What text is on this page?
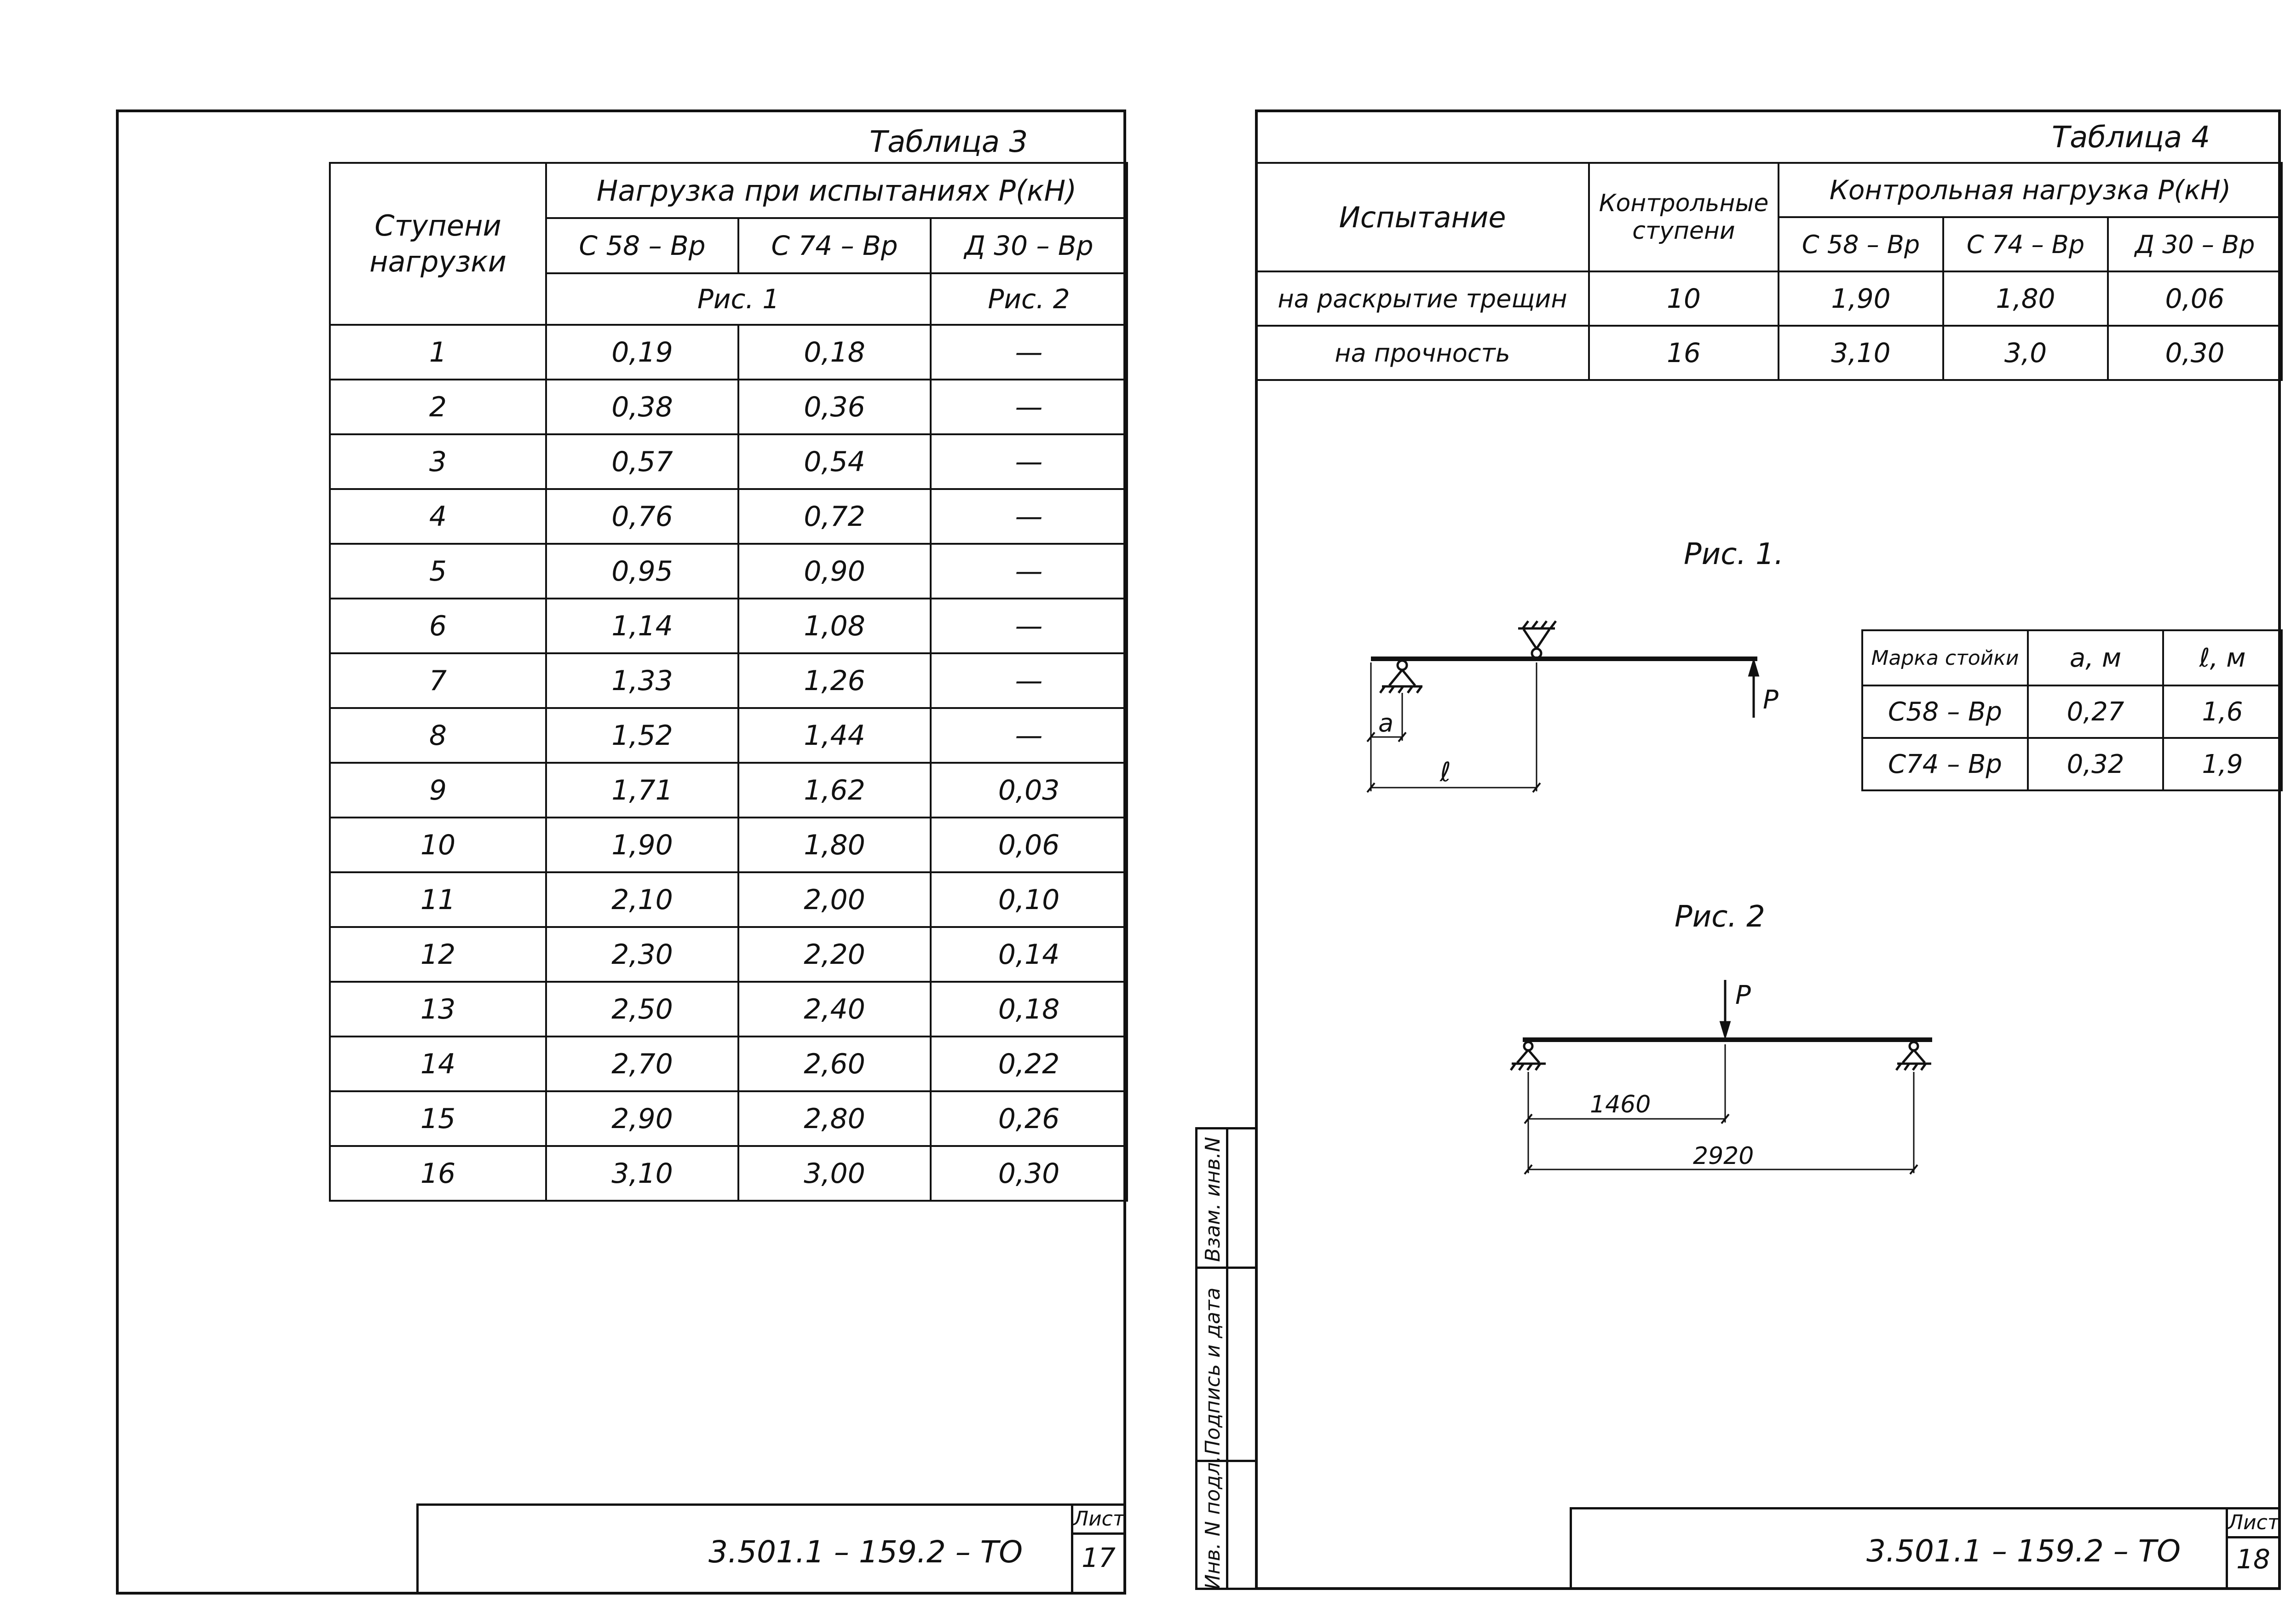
Таблица 3
Ступени нагрузки	Нагрузка при испытаниях P(кН)		
	С 58 – Вр	С 74 – Вр	Д 30 – Вр
	Рис. 1		Рис. 2
1	0,19	0,18	—
2	0,38	0,36	—
3	0,57	0,54	—
4	0,76	0,72	—
5	0,95	0,90	—
6	1,14	1,08	—
7	1,33	1,26	—
8	1,52	1,44	—
9	1,71	1,62	0,03
10	1,90	1,80	0,06
11	2,10	2,00	0,10
12	2,30	2,20	0,14
13	2,50	2,40	0,18
14	2,70	2,60	0,22
15	2,90	2,80	0,26
16	3,10	3,00	0,30
3.501.1 – 159.2 – ТО
Лист
17
Таблица 4
Испытание	Контрольные ступени	Контрольная нагрузка P(кН)		
		С 58 – Вр	С 74 – Вр	Д 30 – Вр
на раскрытие трещин	10	1,90	1,80	0,06
на прочность	16	3,10	3,0	0,30
Рис. 1.
P
a
ℓ
Марка стойки	a, м	ℓ, м
С58 – Вр	0,27	1,6
С74 – Вр	0,32	1,9
Рис. 2
P
1460
2920
Взам. инв.N
Подпись и дата
Инв. N подл.	3.501.1 – 159.2 – ТО
Лист
18
